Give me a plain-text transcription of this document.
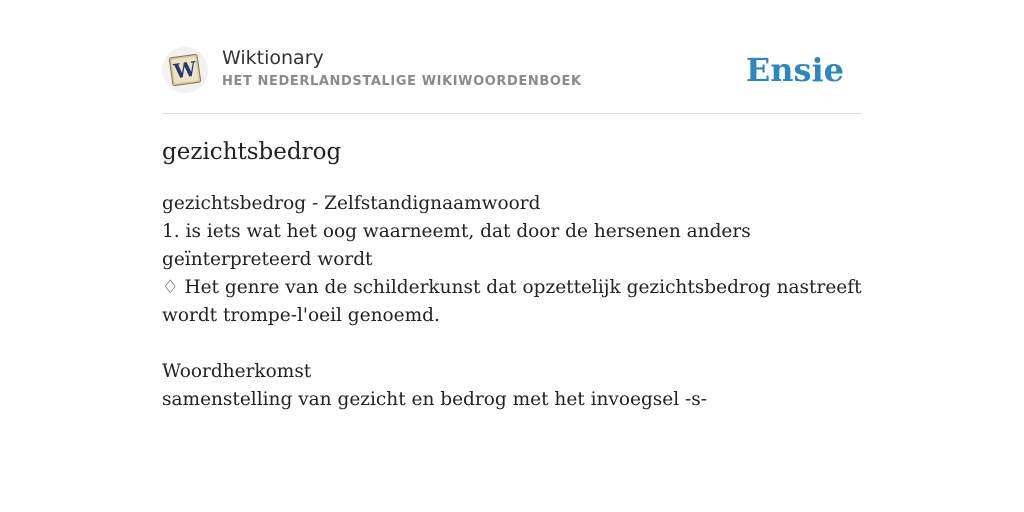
W Wiktionary
HET NEDERLANDSTALIGE WIKIWOORDENBOEK	Ensie
gezichtsbedrog

gezichtsbedrog - Zelfstandignaamwoord

1. is iets wat het oog waarneemt, dat door de hersenen anders geïnterpreteerd wordt

♢ Het genre van de schilderkunst dat opzettelijk gezichtsbedrog nastreeft wordt trompe-l'oeil genoemd.

Woordherkomst

samenstelling van gezicht en bedrog met het invoegsel -s-
